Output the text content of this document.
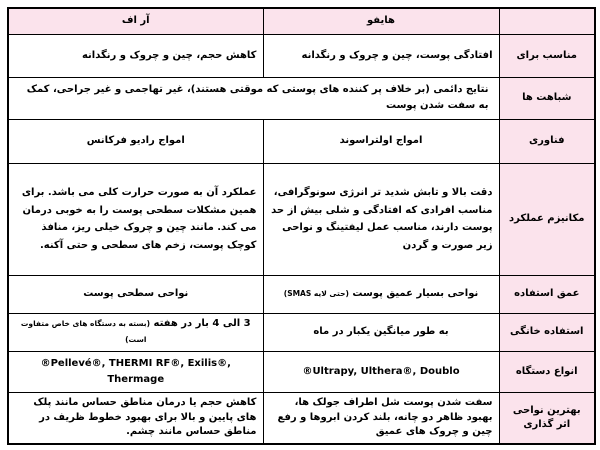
	هایفو	آر اف
مناسب برای	افتادگی پوست، چین و چروک و رنگدانه	کاهش حجم، چین و چروک و رنگدانه
شباهت ها	نتایج دائمی (بر خلاف پر کننده های پوستی که موقتی هستند)، غیر تهاجمی و غیر جراحی، کمک به سفت شدن پوست	
فناوری	امواج اولتراسوند	امواج رادیو فرکانس
مکانیزم عملکرد	دقت بالا و تابش شدید تر انرژی سونوگرافی، مناسب افرادی که افتادگی و شلی بیش از حد پوست دارند، مناسب عمل لیفتینگ و نواحی زیر صورت و گردن	عملکرد آن به صورت حرارت کلی می باشد. برای همین مشکلات سطحی پوست را به خوبی درمان می کند. مانند چین و چروک خیلی ریز، منافذ کوچک پوست، زخم های سطحی و حتی آکنه.
عمق استفاده	نواحی بسیار عمیق پوست (حتی لایه SMAS)	نواحی سطحی پوست
استفاده خانگی	به طور میانگین یکبار در ماه	3 الی 4 بار در هفته (بسته به دستگاه های خاص متفاوت است)
انواع دستگاه	®Ultrapy, Ulthera®, Doublo	®Pellevé®, THERMI RF®, Exilis®, Thermage
بهترین نواحی اثر گذاری	سفت شدن پوست شل اطراف جولک ها، بهبود ظاهر دو چانه، بلند کردن ابروها و رفع چین و چروک های عمیق	کاهش حجم یا درمان مناطق حساس مانند پلک های پایین و بالا برای بهبود خطوط ظریف در مناطق حساس مانند چشم.
